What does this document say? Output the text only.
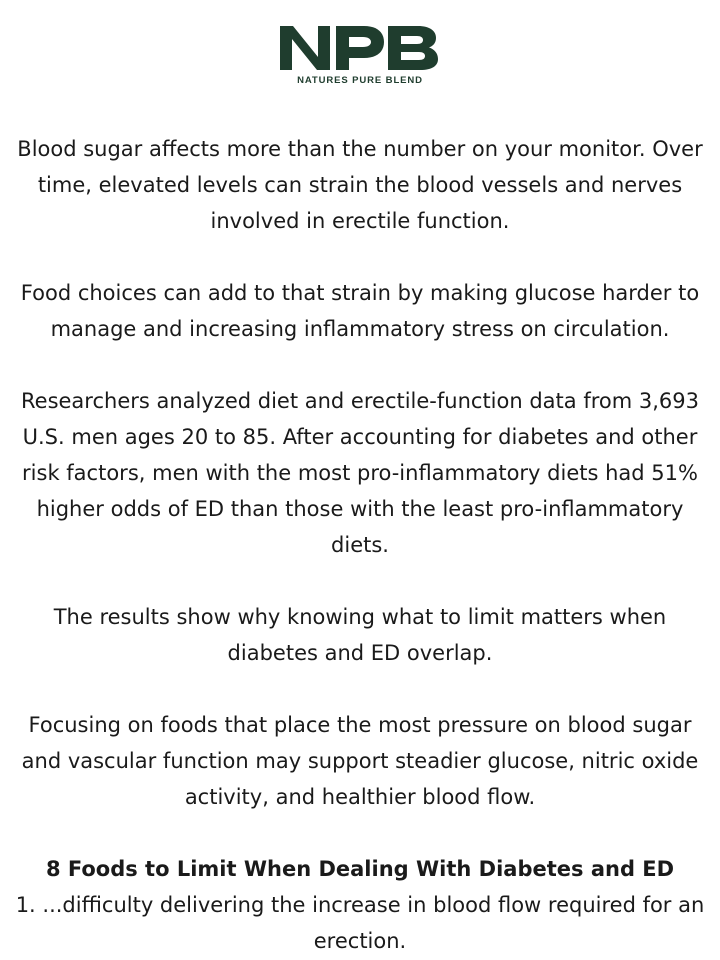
NATURES PURE BLEND

Blood sugar affects more than the number on your monitor. Over time, elevated levels can strain the blood vessels and nerves involved in erectile function.

Food choices can add to that strain by making glucose harder to manage and increasing inflammatory stress on circulation.

Researchers analyzed diet and erectile-function data from 3,693 U.S. men ages 20 to 85. After accounting for diabetes and other risk factors, men with the most pro-inflammatory diets had 51% higher odds of ED than those with the least pro-inflammatory diets.

The results show why knowing what to limit matters when diabetes and ED overlap.

Focusing on foods that place the most pressure on blood sugar and vascular function may support steadier glucose, nitric oxide activity, and healthier blood flow.

8 Foods to Limit When Dealing With Diabetes and ED
1. ...difficulty delivering the increase in blood flow required for an erection.
